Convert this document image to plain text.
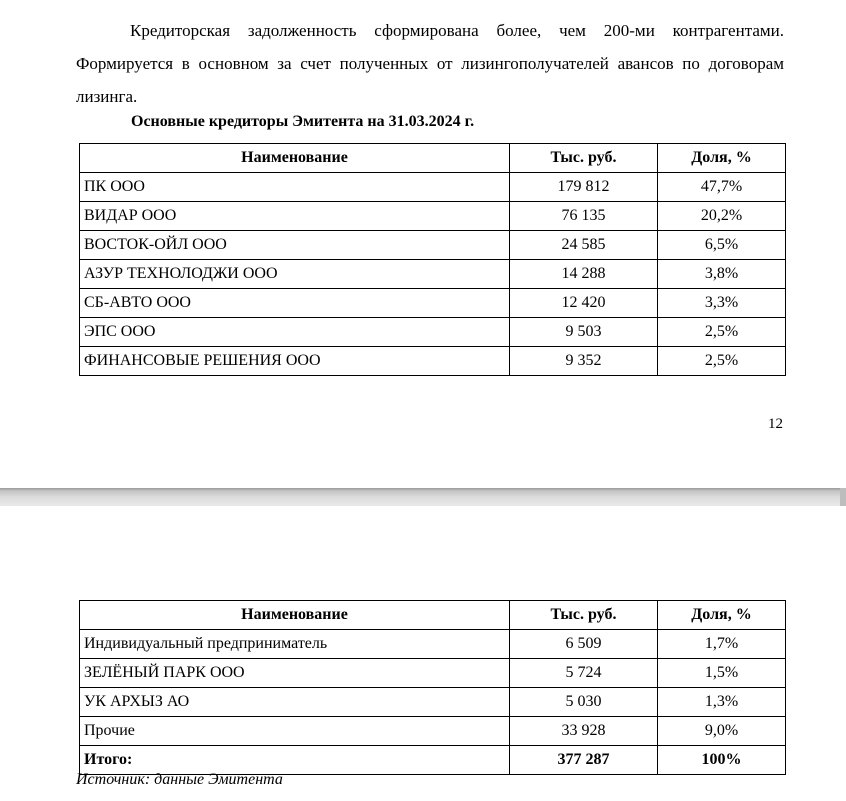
Кредиторская задолженность сформирована более, чем 200-ми контрагентами. Формируется в основном за счет полученных от лизингополучателей авансов по договорам лизинга.

Основные кредиторы Эмитента на 31.03.2024 г.

Наименование	Тыс. руб.	Доля, %
ПК ООО	179 812	47,7%
ВИДАР ООО	76 135	20,2%
ВОСТОК-ОЙЛ ООО	24 585	6,5%
АЗУР ТЕХНОЛОДЖИ ООО	14 288	3,8%
СБ-АВТО ООО	12 420	3,3%
ЭПС ООО	9 503	2,5%
ФИНАНСОВЫЕ РЕШЕНИЯ ООО	9 352	2,5%
12
Наименование	Тыс. руб.	Доля, %
Индивидуальный предприниматель	6 509	1,7%
ЗЕЛЁНЫЙ ПАРК ООО	5 724	1,5%
УК АРХЫЗ АО	5 030	1,3%
Прочие	33 928	9,0%
Итого:	377 287	100%
Источник: данные Эмитента
